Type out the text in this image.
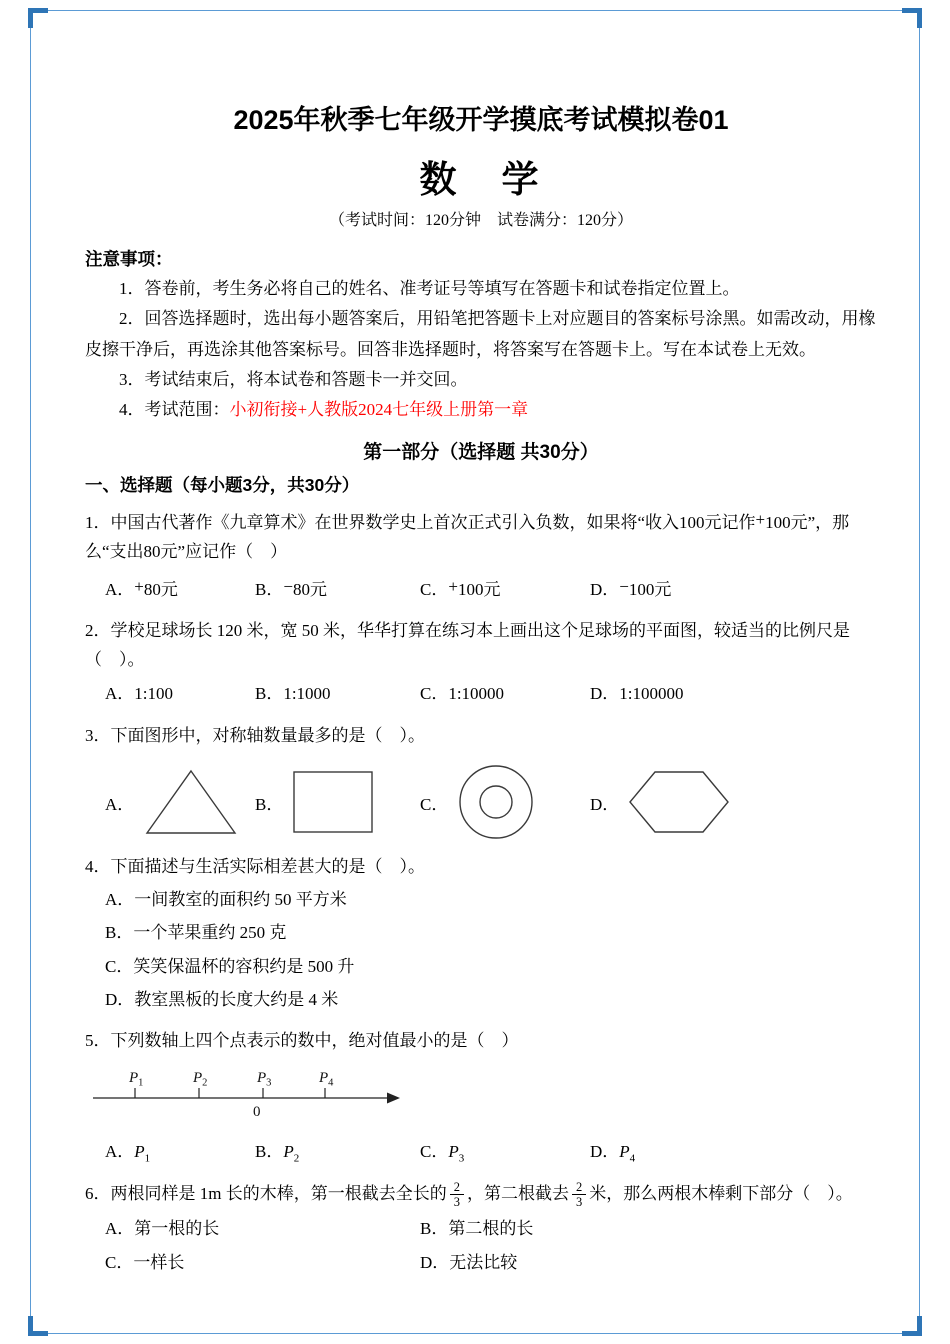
2025年秋季七年级开学摸底考试模拟卷01
数　学
（考试时间：120分钟　试卷满分：120分）
注意事项：

1．答卷前，考生务必将自己的姓名、准考证号等填写在答题卡和试卷指定位置上。

2．回答选择题时，选出每小题答案后，用铅笔把答题卡上对应题目的答案标号涂黑。如需改动，用橡皮擦干净后，再选涂其他答案标号。回答非选择题时，将答案写在答题卡上。写在本试卷上无效。

3．考试结束后，将本试卷和答题卡一并交回。

4．考试范围：小初衔接+人教版2024七年级上册第一章

第一部分（选择题 共30分）
一、选择题（每小题3分，共30分）

1．中国古代著作《九章算术》在世界数学史上首次正式引入负数，如果将“收入100元记作+100元”，那么“支出80元”应记作（　）

A．+80元	B．−80元	C．+100元	D．−100元

2．学校足球场长 120 米，宽 50 米，华华打算在练习本上画出这个足球场的平面图，较适当的比例尺是（　）。

A．1:100	B．1:1000	C．1:10000	D．1:100000

3．下面图形中，对称轴数量最多的是（　）。

A．	B．	C．	D．

4．下面描述与生活实际相差甚大的是（　）。

A．一间教室的面积约 50 平方米

B．一个苹果重约 250 克

C．笑笑保温杯的容积约是 500 升

D．教室黑板的长度大约是 4 米

5．下列数轴上四个点表示的数中，绝对值最小的是（　）

$P_1$	$P_2$	$P_3$	$P_4$
0
A．$P_1$	B．$P_2$	C．$P_3$	D．$P_4$

6．两根同样是 1m 长的木棒，第一根截去全长的 $\frac{2}{3}$ ，第二根截去 $\frac{2}{3}$ 米，那么两根木棒剩下部分（　）。

A．第一根的长	B．第二根的长
C．一样长	D．无法比较
